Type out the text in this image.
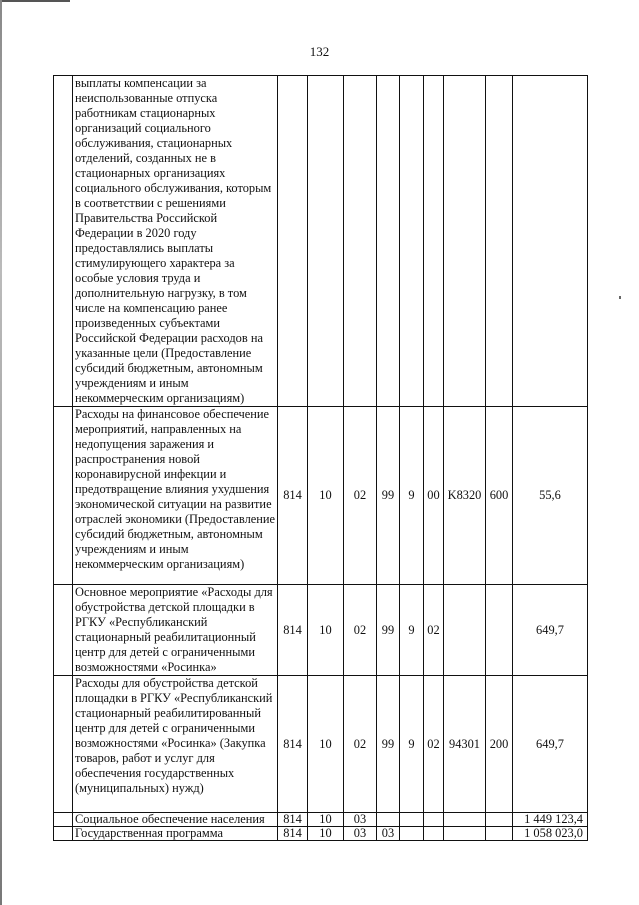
132
	выплаты компенсации за неиспользованные отпуска работникам стационарных организаций социального обслуживания, стационарных отделений, созданных не в стационарных организациях социального обслуживания, которым в соответствии с решениями Правительства Российской Федерации в 2020 году предоставлялись выплаты стимулирующего характера за особые условия труда и дополнительную нагрузку, в том числе на компенсацию ранее произведенных субъектами Российской Федерации расходов на указанные цели (Предоставление субсидий бюджетным, автономным учреждениям и иным некоммерческим организациям)									
	Расходы на финансовое обеспечение мероприятий, направленных на недопущения заражения и распространения новой коронавирусной инфекции и предотвращение влияния ухудшения экономической ситуации на развитие отраслей экономики (Предоставление субсидий бюджетным, автономным учреждениям и иным некоммерческим организациям)	814	10	02	99	9	00	K8320	600	55,6
	Основное мероприятие «Расходы для обустройства детской площадки в РГКУ «Республиканский стационарный реабилитационный центр для детей с ограниченными возможностями «Росинка»	814	10	02	99	9	02			649,7
	Расходы для обустройства детской площадки в РГКУ «Республиканский стационарный реабилитированный центр для детей с ограниченными возможностями «Росинка» (Закупка товаров, работ и услуг для обеспечения государственных (муниципальных) нужд)	814	10	02	99	9	02	94301	200	649,7
	Социальное обеспечение населения	814	10	03						1 449 123,4
	Государственная программа	814	10	03	03					1 058 023,0
